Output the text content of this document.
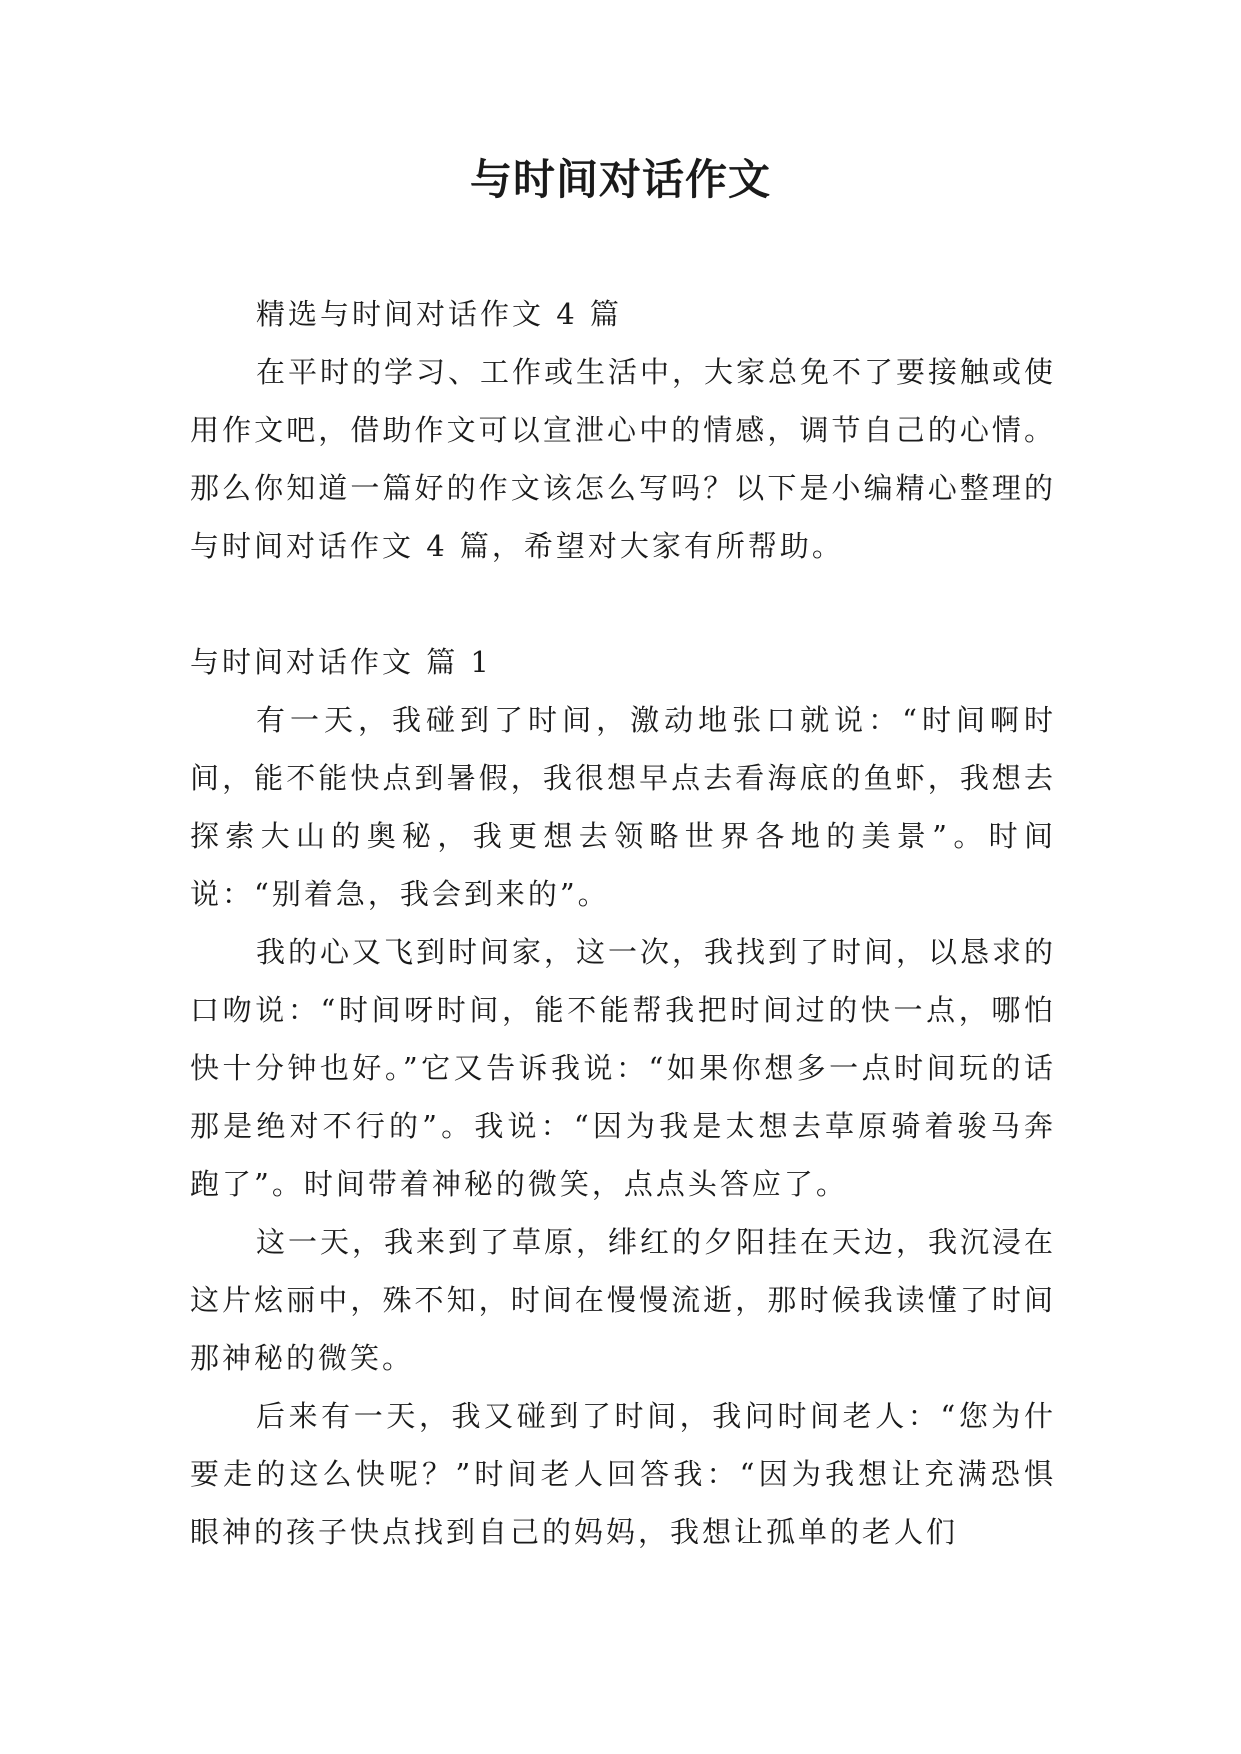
与时间对话作文

精选与时间对话作文 4 篇

在平时的学习、工作或生活中，大家总免不了要接触或使用作文吧，借助作文可以宣泄心中的情感，调节自己的心情。那么你知道一篇好的作文该怎么写吗？以下是小编精心整理的与时间对话作文 4 篇，希望对大家有所帮助。

与时间对话作文 篇 1

有一天，我碰到了时间，激动地张口就说：“时间啊时间，能不能快点到暑假，我很想早点去看海底的鱼虾，我想去探索大山的奥秘，我更想去领略世界各地的美景”。时间说：“别着急，我会到来的”。

我的心又飞到时间家，这一次，我找到了时间，以恳求的口吻说：“时间呀时间，能不能帮我把时间过的快一点，哪怕快十分钟也好。”它又告诉我说：“如果你想多一点时间玩的话那是绝对不行的”。我说：“因为我是太想去草原骑着骏马奔跑了”。时间带着神秘的微笑，点点头答应了。

这一天，我来到了草原，绯红的夕阳挂在天边，我沉浸在这片炫丽中，殊不知，时间在慢慢流逝，那时候我读懂了时间那神秘的微笑。

后来有一天，我又碰到了时间，我问时间老人：“您为什要走的这么快呢？”时间老人回答我：“因为我想让充满恐惧眼神的孩子快点找到自己的妈妈，我想让孤单的老人们
